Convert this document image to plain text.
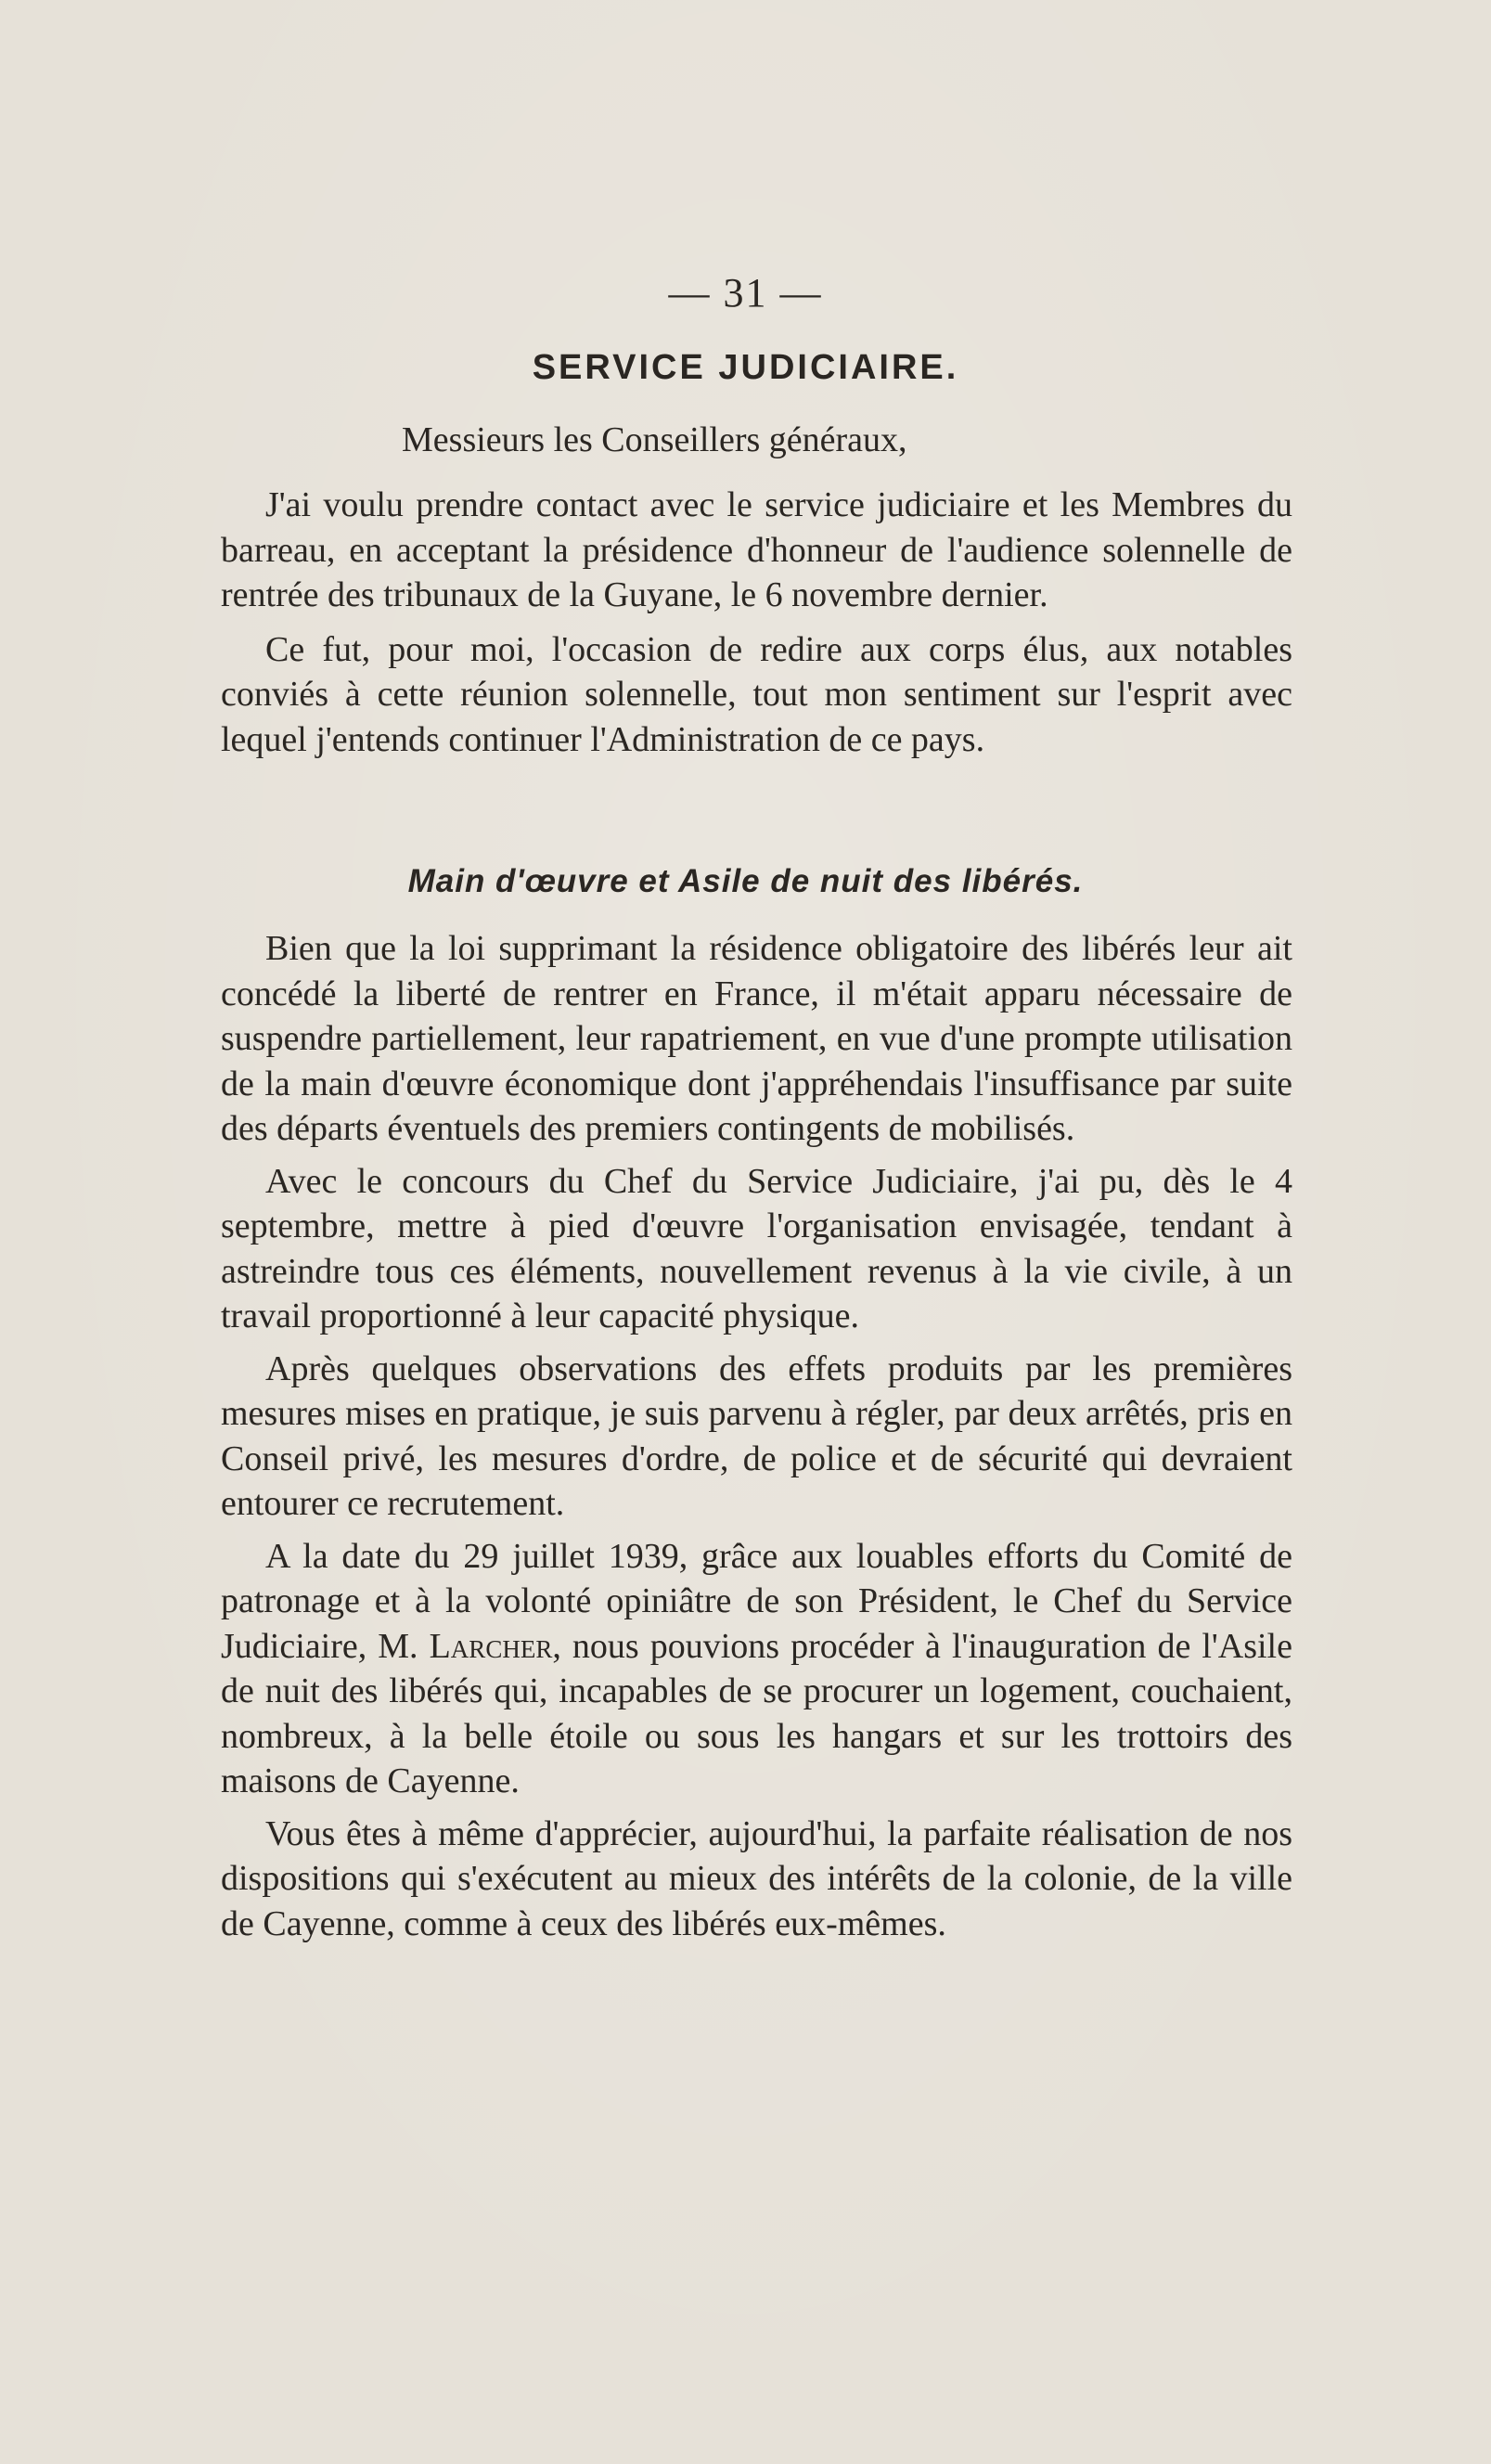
— 31 —
SERVICE JUDICIAIRE.
Messieurs les Conseillers généraux,

J'ai voulu prendre contact avec le service judiciaire et les Membres du barreau, en acceptant la présidence d'honneur de l'audience solennelle de rentrée des tribunaux de la Guyane, le 6 novembre dernier.

Ce fut, pour moi, l'occasion de redire aux corps élus, aux notables conviés à cette réunion solennelle, tout mon sentiment sur l'esprit avec lequel j'entends continuer l'Administration de ce pays.

Main d'œuvre et Asile de nuit des libérés.

Bien que la loi supprimant la résidence obligatoire des libérés leur ait concédé la liberté de rentrer en France, il m'était apparu nécessaire de suspendre partiellement, leur rapatriement, en vue d'une prompte utilisation de la main d'œuvre économique dont j'appréhendais l'insuffisance par suite des départs éventuels des premiers contingents de mobilisés.

Avec le concours du Chef du Service Judiciaire, j'ai pu, dès le 4 septembre, mettre à pied d'œuvre l'organisation envisagée, tendant à astreindre tous ces éléments, nouvellement revenus à la vie civile, à un travail proportionné à leur capacité physique.

Après quelques observations des effets produits par les premières mesures mises en pratique, je suis parvenu à régler, par deux arrêtés, pris en Conseil privé, les mesures d'ordre, de police et de sécurité qui devraient entourer ce recrutement.

A la date du 29 juillet 1939, grâce aux louables efforts du Comité de patronage et à la volonté opiniâtre de son Président, le Chef du Service Judiciaire, M. Larcher, nous pouvions procéder à l'inauguration de l'Asile de nuit des libérés qui, incapables de se procurer un logement, couchaient, nombreux, à la belle étoile ou sous les hangars et sur les trottoirs des maisons de Cayenne.

Vous êtes à même d'apprécier, aujourd'hui, la parfaite réalisation de nos dispositions qui s'exécutent au mieux des intérêts de la colonie, de la ville de Cayenne, comme à ceux des libérés eux-mêmes.
